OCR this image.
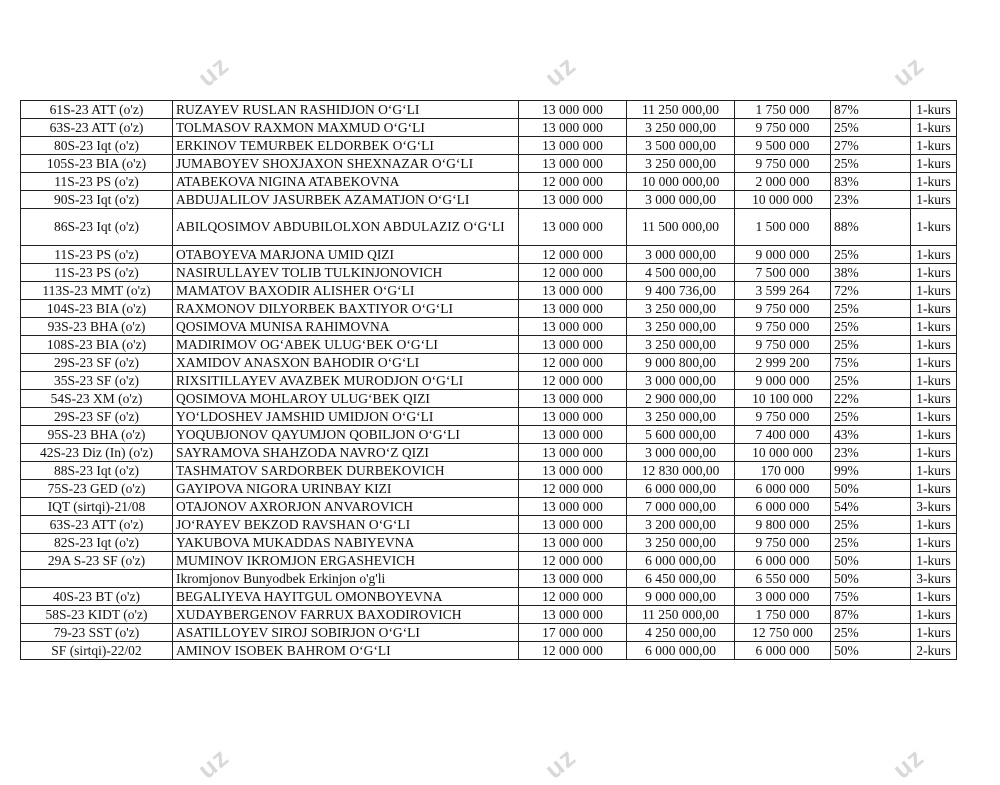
uz	uz	uz
uz	uz	uz
61S-23 ATT (o'z)	RUZAYEV RUSLAN RASHIDJON O‘G‘LI	13 000 000	11 250 000,00	1 750 000	87%	1-kurs
63S-23 ATT (o'z)	TOLMASOV RAXMON MAXMUD O‘G‘LI	13 000 000	3 250 000,00	9 750 000	25%	1-kurs
80S-23 Iqt (o'z)	ERKINOV TEMURBEK ELDORBEK O‘G‘LI	13 000 000	3 500 000,00	9 500 000	27%	1-kurs
105S-23 BIA (o'z)	JUMABOYEV SHOXJAXON SHEXNAZAR O‘G‘LI	13 000 000	3 250 000,00	9 750 000	25%	1-kurs
11S-23 PS (o'z)	ATABEKOVA NIGINA ATABEKOVNA	12 000 000	10 000 000,00	2 000 000	83%	1-kurs
90S-23 Iqt (o'z)	ABDUJALILOV JASURBEK AZAMATJON O‘G‘LI	13 000 000	3 000 000,00	10 000 000	23%	1-kurs
86S-23 Iqt (o'z)	ABILQOSIMOV ABDUBILOLXON ABDULAZIZ O‘G‘LI	13 000 000	11 500 000,00	1 500 000	88%	1-kurs
11S-23 PS (o'z)	OTABOYEVA MARJONA UMID QIZI	12 000 000	3 000 000,00	9 000 000	25%	1-kurs
11S-23 PS (o'z)	NASIRULLAYEV TOLIB TULKINJONOVICH	12 000 000	4 500 000,00	7 500 000	38%	1-kurs
113S-23 MMT (o'z)	MAMATOV BAXODIR ALISHER O‘G‘LI	13 000 000	9 400 736,00	3 599 264	72%	1-kurs
104S-23 BIA (o'z)	RAXMONOV DILYORBEK BAXTIYOR O‘G‘LI	13 000 000	3 250 000,00	9 750 000	25%	1-kurs
93S-23 BHA (o'z)	QOSIMOVA MUNISA RAHIMOVNA	13 000 000	3 250 000,00	9 750 000	25%	1-kurs
108S-23 BIA (o'z)	MADIRIMOV OG‘ABEK ULUG‘BEK O‘G‘LI	13 000 000	3 250 000,00	9 750 000	25%	1-kurs
29S-23 SF (o'z)	XAMIDOV ANASXON BAHODIR O‘G‘LI	12 000 000	9 000 800,00	2 999 200	75%	1-kurs
35S-23 SF (o'z)	RIXSITILLAYEV AVAZBEK MURODJON O‘G‘LI	12 000 000	3 000 000,00	9 000 000	25%	1-kurs
54S-23 XM (o'z)	QOSIMOVA MOHLAROY ULUG‘BEK QIZI	13 000 000	2 900 000,00	10 100 000	22%	1-kurs
29S-23 SF (o'z)	YO‘LDOSHEV JAMSHID UMIDJON O‘G‘LI	13 000 000	3 250 000,00	9 750 000	25%	1-kurs
95S-23 BHA (o'z)	YOQUBJONOV QAYUMJON QOBILJON O‘G‘LI	13 000 000	5 600 000,00	7 400 000	43%	1-kurs
42S-23 Diz (In) (o'z)	SAYRAMOVA SHAHZODA NAVRO‘Z QIZI	13 000 000	3 000 000,00	10 000 000	23%	1-kurs
88S-23 Iqt (o'z)	TASHMATOV SARDORBEK DURBEKOVICH	13 000 000	12 830 000,00	170 000	99%	1-kurs
75S-23 GED (o'z)	GAYIPOVA NIGORA URINBAY KIZI	12 000 000	6 000 000,00	6 000 000	50%	1-kurs
IQT (sirtqi)-21/08	OTAJONOV AXRORJON ANVAROVICH	13 000 000	7 000 000,00	6 000 000	54%	3-kurs
63S-23 ATT (o'z)	JO‘RAYEV BEKZOD RAVSHAN O‘G‘LI	13 000 000	3 200 000,00	9 800 000	25%	1-kurs
82S-23 Iqt (o'z)	YAKUBOVA MUKADDAS NABIYEVNA	13 000 000	3 250 000,00	9 750 000	25%	1-kurs
29A S-23 SF (o'z)	MUMINOV IKROMJON ERGASHEVICH	12 000 000	6 000 000,00	6 000 000	50%	1-kurs
	Ikromjonov Bunyodbek Erkinjon o'g'li	13 000 000	6 450 000,00	6 550 000	50%	3-kurs
40S-23 BT (o'z)	BEGALIYEVA HAYITGUL OMONBOYEVNA	12 000 000	9 000 000,00	3 000 000	75%	1-kurs
58S-23 KIDT (o'z)	XUDAYBERGENOV FARRUX BAXODIROVICH	13 000 000	11 250 000,00	1 750 000	87%	1-kurs
79-23 SST (o'z)	ASATILLOYEV SIROJ SOBIRJON O‘G‘LI	17 000 000	4 250 000,00	12 750 000	25%	1-kurs
SF (sirtqi)-22/02	AMINOV ISOBEK BAHROM O‘G‘LI	12 000 000	6 000 000,00	6 000 000	50%	2-kurs
